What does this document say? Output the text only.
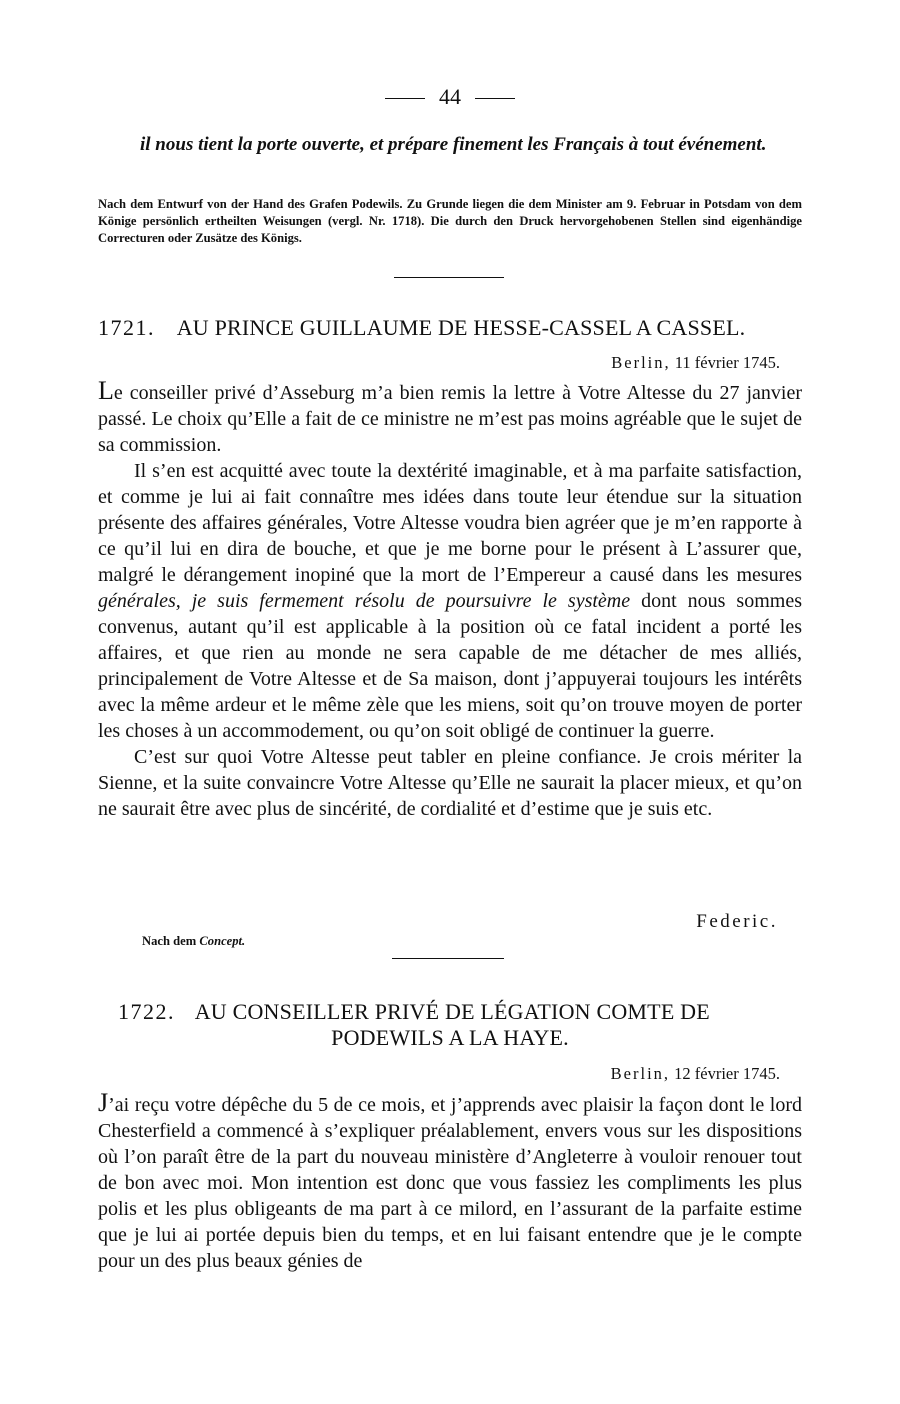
44
il nous tient la porte ouverte, et prépare finement les Français à tout événement.
Nach dem Entwurf von der Hand des Grafen Podewils. Zu Grunde liegen die dem Minister am 9. Februar in Potsdam von dem Könige persönlich ertheilten Weisungen (vergl. Nr. 1718). Die durch den Druck hervorgehobenen Stellen sind eigenhändige Correcturen oder Zusätze des Königs.
1721. AU PRINCE GUILLAUME DE HESSE-CASSEL A CASSEL.
Berlin, 11 février 1745.

Le conseiller privé d’Asseburg m’a bien remis la lettre à Votre Altesse du 27 janvier passé. Le choix qu’Elle a fait de ce ministre ne m’est pas moins agréable que le sujet de sa commission.

Il s’en est acquitté avec toute la dextérité imaginable, et à ma parfaite satisfaction, et comme je lui ai fait connaître mes idées dans toute leur étendue sur la situation présente des affaires générales, Votre Altesse voudra bien agréer que je m’en rapporte à ce qu’il lui en dira de bouche, et que je me borne pour le présent à L’assurer que, malgré le dérangement inopiné que la mort de l’Empereur a causé dans les mesures générales, je suis fermement résolu de poursuivre le système dont nous sommes convenus, autant qu’il est applicable à la position où ce fatal incident a porté les affaires, et que rien au monde ne sera capable de me détacher de mes alliés, principalement de Votre Altesse et de Sa maison, dont j’appuyerai toujours les intérêts avec la même ardeur et le même zèle que les miens, soit qu’on trouve moyen de porter les choses à un accommodement, ou qu’on soit obligé de continuer la guerre.

C’est sur quoi Votre Altesse peut tabler en pleine confiance. Je crois mériter la Sienne, et la suite convaincre Votre Altesse qu’Elle ne saurait la placer mieux, et qu’on ne saurait être avec plus de sincérité, de cordialité et d’estime que je suis etc.

Federic.
Nach dem Concept.
1722. AU CONSEILLER PRIVÉ DE LÉGATION COMTE DE
PODEWILS A LA HAYE.
Berlin, 12 février 1745.

J’ai reçu votre dépêche du 5 de ce mois, et j’apprends avec plaisir la façon dont le lord Chesterfield a commencé à s’expliquer préalablement, envers vous sur les dispositions où l’on paraît être de la part du nouveau ministère d’Angleterre à vouloir renouer tout de bon avec moi. Mon intention est donc que vous fassiez les compliments les plus polis et les plus obligeants de ma part à ce milord, en l’assurant de la parfaite estime que je lui ai portée depuis bien du temps, et en lui faisant entendre que je le compte pour un des plus beaux génies de
